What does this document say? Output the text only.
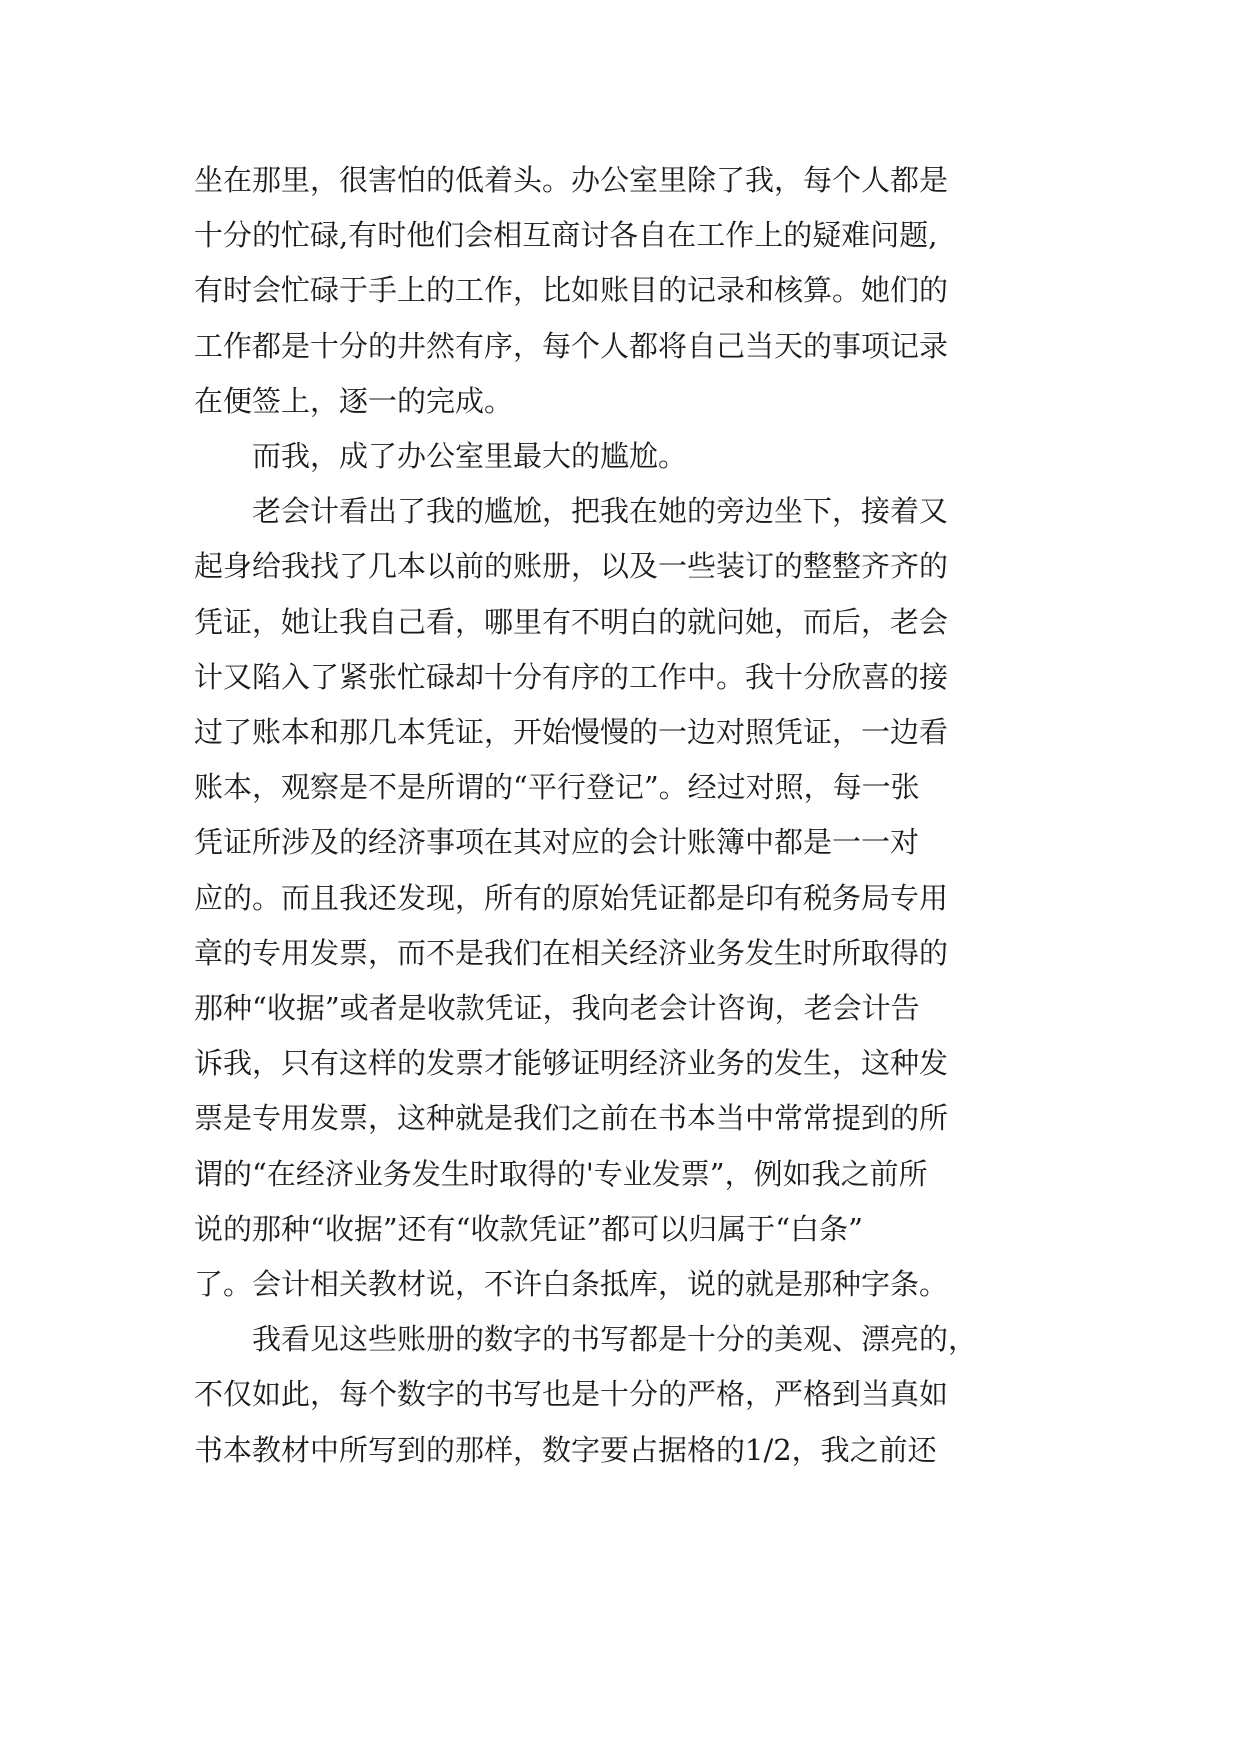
坐在那里，很害怕的低着头。办公室里除了我，每个人都是
十分的忙碌,有时他们会相互商讨各自在工作上的疑难问题,
有时会忙碌于手上的工作，比如账目的记录和核算。她们的
工作都是十分的井然有序，每个人都将自己当天的事项记录
在便签上，逐一的完成。
而我，成了办公室里最大的尴尬。
老会计看出了我的尴尬，把我在她的旁边坐下，接着又
起身给我找了几本以前的账册，以及一些装订的整整齐齐的
凭证，她让我自己看，哪里有不明白的就问她，而后，老会
计又陷入了紧张忙碌却十分有序的工作中。我十分欣喜的接
过了账本和那几本凭证，开始慢慢的一边对照凭证，一边看
账本，观察是不是所谓的“平行登记”。经过对照，每一张
凭证所涉及的经济事项在其对应的会计账簿中都是一一对
应的。而且我还发现，所有的原始凭证都是印有税务局专用
章的专用发票，而不是我们在相关经济业务发生时所取得的
那种“收据”或者是收款凭证，我向老会计咨询，老会计告
诉我，只有这样的发票才能够证明经济业务的发生，这种发
票是专用发票，这种就是我们之前在书本当中常常提到的所
谓的“在经济业务发生时取得的'专业发票”，例如我之前所
说的那种“收据”还有“收款凭证”都可以归属于“白条”
了。会计相关教材说，不许白条抵库，说的就是那种字条。
我看见这些账册的数字的书写都是十分的美观、漂亮的，
不仅如此，每个数字的书写也是十分的严格，严格到当真如
书本教材中所写到的那样，数字要占据格的1/2，我之前还
